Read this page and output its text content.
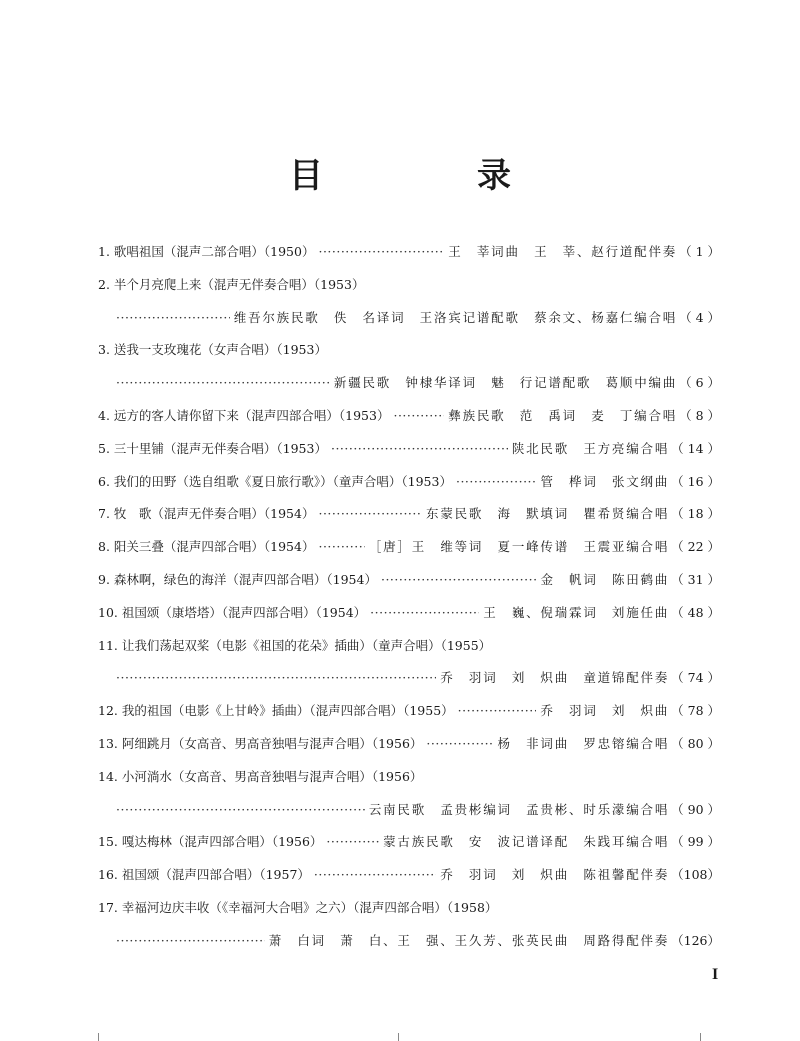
目　录
1. 歌唱祖国（混声二部合唱）（1950） ·····	王　莘词曲　王　莘、赵行道配伴奏 （ 1 ）
2. 半个月亮爬上来（混声无伴奏合唱）（1953）
·····
维吾尔族民歌　佚　名译词　王洛宾记谱配歌　蔡余文、杨嘉仁编合唱 （ 4 ）
3. 送我一支玫瑰花（女声合唱）（1953）
·····
新疆民歌　钟棣华译词　魅　行记谱配歌　葛顺中编曲 （ 6 ）
4. 远方的客人请你留下来（混声四部合唱）（1953） ·····	彝族民歌　范　禹词　麦　丁编合唱 （ 8 ）
5. 三十里铺（混声无伴奏合唱）（1953） ·····	陕北民歌　王方亮编合唱 （ 14 ）
6. 我们的田野（选自组歌《夏日旅行歌》）（童声合唱）（1953） ·····	管　桦词　张文纲曲 （ 16 ）
7. 牧　歌（混声无伴奏合唱）（1954） ·····	东蒙民歌　海　默填词　瞿希贤编合唱 （ 18 ）
8. 阳关三叠（混声四部合唱）（1954） ·····	［唐］王　维等词　夏一峰传谱　王震亚编合唱 （ 22 ）
9. 森林啊，绿色的海洋（混声四部合唱）（1954） ·····	金　帆词　陈田鹤曲 （ 31 ）
10. 祖国颂（康塔塔）（混声四部合唱）（1954） ·····	王　巍、倪瑞霖词　刘施任曲 （ 48 ）
11. 让我们荡起双桨（电影《祖国的花朵》插曲）（童声合唱）（1955）
·····
乔　羽词　刘　炽曲　童道锦配伴奏 （ 74 ）
12. 我的祖国（电影《上甘岭》插曲）（混声四部合唱）（1955） ·····	乔　羽词　刘　炽曲 （ 78 ）
13. 阿细跳月（女高音、男高音独唱与混声合唱）（1956） ·····	杨　非词曲　罗忠镕编合唱 （ 80 ）
14. 小河淌水（女高音、男高音独唱与混声合唱）（1956）
·····
云南民歌　孟贵彬编词　孟贵彬、时乐濛编合唱 （ 90 ）
15. 嘎达梅林（混声四部合唱）（1956） ·····	蒙古族民歌　安　波记谱译配　朱践耳编合唱 （ 99 ）
16. 祖国颂（混声四部合唱）（1957） ·····	乔　羽词　刘　炽曲　陈祖馨配伴奏 （108）
17. 幸福河边庆丰收（《幸福河大合唱》之六）（混声四部合唱）（1958）
·····
萧　白词　萧　白、王　强、王久芳、张英民曲　周路得配伴奏 （126）
I
